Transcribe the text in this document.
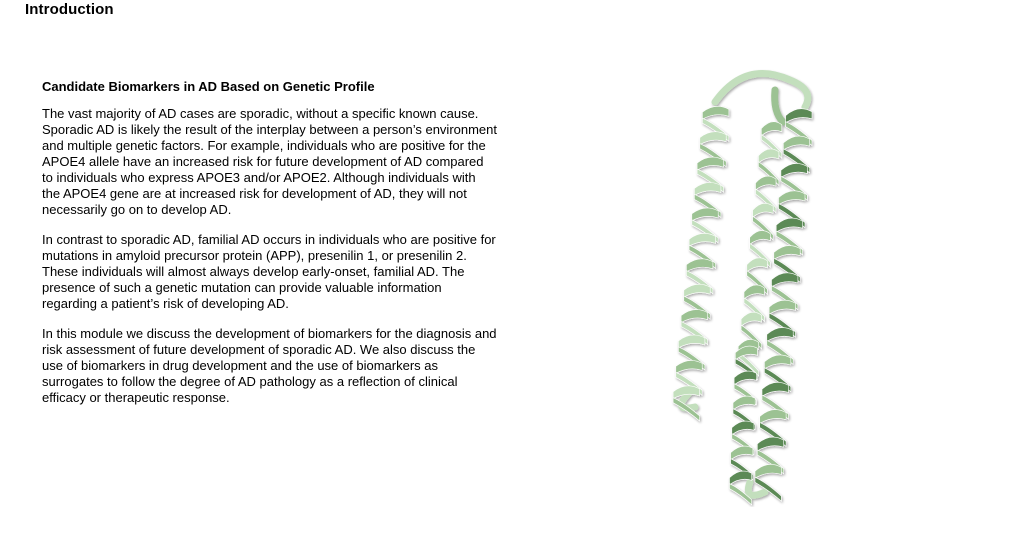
Introduction
Candidate Biomarkers in AD Based on Genetic Profile

The vast majority of AD cases are sporadic, without a specific known cause. Sporadic AD is likely the result of the interplay between a person’s environment and multiple genetic factors. For example, individuals who are positive for the APOE4 allele have an increased risk for future development of AD compared to individuals who express APOE3 and/or APOE2. Although individuals with the APOE4 gene are at increased risk for development of AD, they will not necessarily go on to develop AD.

In contrast to sporadic AD, familial AD occurs in individuals who are positive for mutations in amyloid precursor protein (APP), presenilin 1, or presenilin 2. These individuals will almost always develop early-onset, familial AD. The presence of such a genetic mutation can provide valuable information regarding a patient’s risk of developing AD.

In this module we discuss the development of biomarkers for the diagnosis and risk assessment of future development of sporadic AD. We also discuss the use of biomarkers in drug development and the use of biomarkers as surrogates to follow the degree of AD pathology as a reflection of clinical efficacy or therapeutic response.
